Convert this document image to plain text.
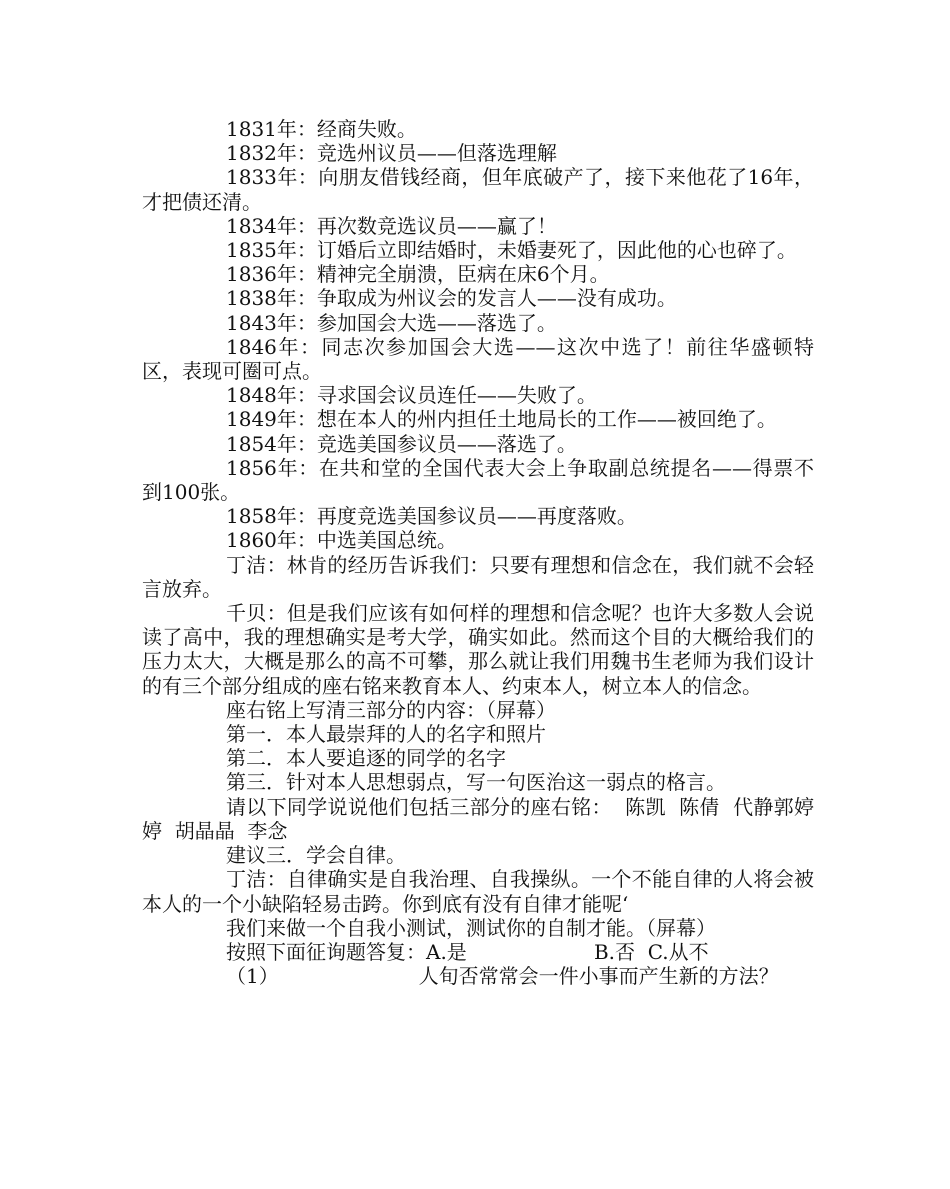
1831年：经商失败。

1832年：竞选州议员——但落选理解

1833年：向朋友借钱经商，但年底破产了，接下来他花了16年，才把债还清。

1834年：再次数竞选议员——赢了！

1835年：订婚后立即结婚时，未婚妻死了，因此他的心也碎了。

1836年：精神完全崩溃，臣病在床6个月。

1838年：争取成为州议会的发言人——没有成功。

1843年：参加国会大选——落选了。

1846年：同志次参加国会大选——这次中选了！前往华盛顿特区，表现可圈可点。

1848年：寻求国会议员连任——失败了。

1849年：想在本人的州内担任土地局长的工作——被回绝了。

1854年：竞选美国参议员——落选了。

1856年：在共和堂的全国代表大会上争取副总统提名——得票不到100张。

1858年：再度竞选美国参议员——再度落败。

1860年：中选美国总统。

丁洁：林肯的经历告诉我们：只要有理想和信念在，我们就不会轻言放弃。

千贝：但是我们应该有如何样的理想和信念呢？也许大多数人会说读了高中，我的理想确实是考大学，确实如此。然而这个目的大概给我们的压力太大，大概是那么的高不可攀，那么就让我们用魏书生老师为我们设计的有三个部分组成的座右铭来教育本人、约束本人，树立本人的信念。

座右铭上写清三部分的内容：（屏幕）

第一．本人最崇拜的人的名字和照片

第二．本人要追逐的同学的名字

第三．针对本人思想弱点，写一句医治这一弱点的格言。

请以下同学说说他们包括三部分的座右铭：  陈凯  陈倩  代静郭婷婷  胡晶晶  李念

建议三．学会自律。

丁洁：自律确实是自我治理、自我操纵。一个不能自律的人将会被本人的一个小缺陷轻易击跨。你到底有没有自律才能呢‘

我们来做一个自我小测试，测试你的自制才能。（屏幕）

按照下面征询题答复：A.是                    B.否  C.从不

（1）                      人旬否常常会一件小事而产生新的方法？
